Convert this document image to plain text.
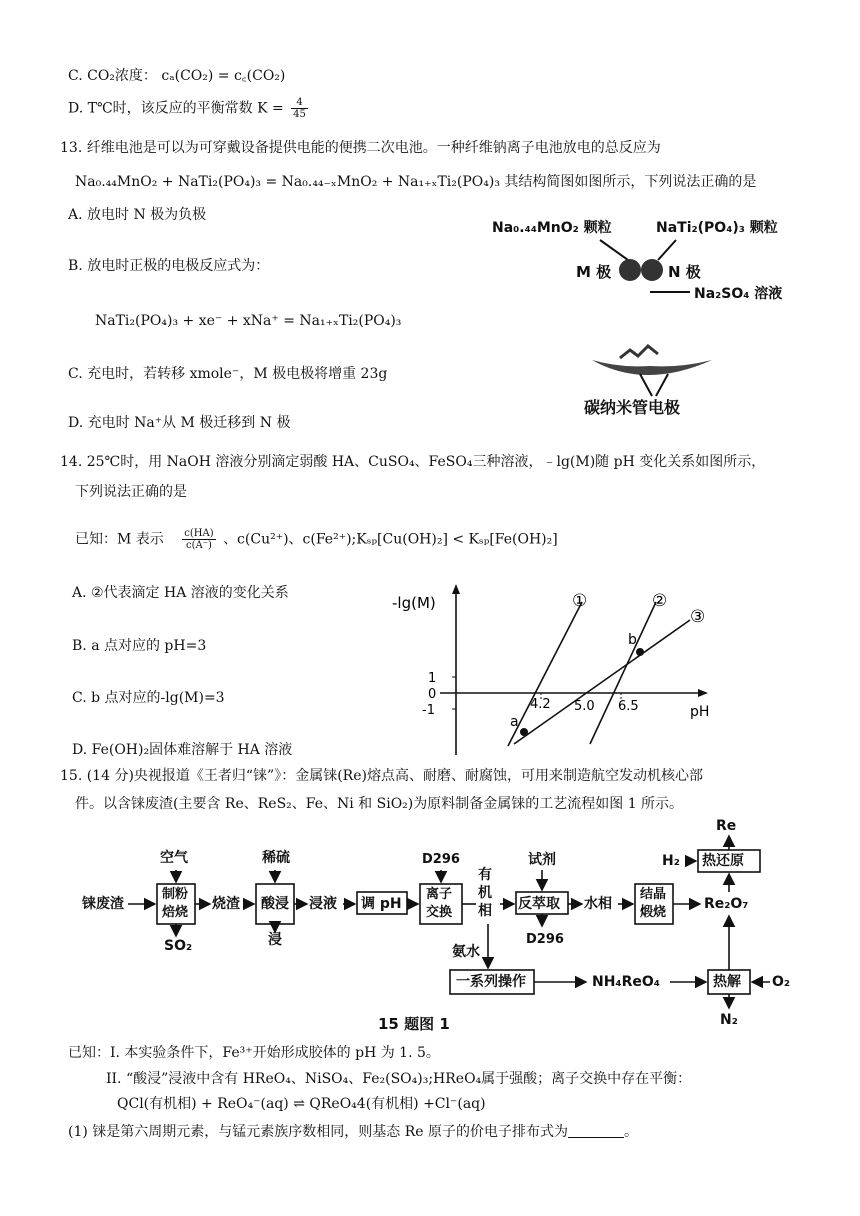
C. CO₂浓度： cₐ(CO₂) = c꜀(CO₂)
D. T℃时，该反应的平衡常数 $K = \frac{4}{45}$
13. 纤维电池是可以为可穿戴设备提供电能的便携二次电池。一种纤维钠离子电池放电的总反应为
Na₀.₄₄MnO₂ + NaTi₂(PO₄)₃ = Na₀.₄₄₋ₓMnO₂ + Na₁₊ₓTi₂(PO₄)₃ 其结构简图如图所示，下列说法正确的是
A. 放电时 N 极为负极
B. 放电时正极的电极反应式为：
NaTi₂(PO₄)₃ + xe⁻ + xNa⁺ = Na₁₊ₓTi₂(PO₄)₃
C. 充电时，若转移 xmole⁻，M 极电极将增重 23g
D. 充电时 Na⁺从 M 极迁移到 N 极
Na₀.₄₄MnO₂ 颗粒	NaTi₂(PO₄)₃ 颗粒
M 极	N 极
Na₂SO₄ 溶液
碳纳米管电极
14. 25℃时，用 NaOH 溶液分别滴定弱酸 HA、CuSO₄、FeSO₄三种溶液，﹣lg(M)随 pH 变化关系如图所示，
下列说法正确的是
已知：M 表示 $\frac{c(HA)}{c(A^-)}$ 、c(Cu²⁺)、c(Fe²⁺);Kₛₚ[Cu(OH)₂] < Kₛₚ[Fe(OH)₂]
A. ②代表滴定 HA 溶液的变化关系
B. a 点对应的 pH=3
C. b 点对应的-lg(M)=3
D. Fe(OH)₂固体难溶解于 HA 溶液
-lg(M)
pH
1
0
-1	4.2 5.0 6.5
①	②
③
a
b
15. (14 分)央视报道《王者归“铼”》：金属铼(Re)熔点高、耐磨、耐腐蚀，可用来制造航空发动机核心部
件。以含铼废渣(主要含 Re、ReS₂、Fe、Ni 和 SiO₂)为原料制备金属铼的工艺流程如图 1 所示。
铼废渣
空气
制粉
焙烧
SO₂
烧渣
稀硫
酸浸
浸
浸液 调 pH
D296
离子
交换
有机相
试剂
反萃取
D296
水相
结晶
煅烧
Re₂O₇
H₂ 热还原
Re
氨水
一系列操作	NH₄ReO₄	热解 O₂
N₂
15 题图 1
已知：I. 本实验条件下，Fe³⁺开始形成胶体的 pH 为 1. 5。
II. “酸浸”浸液中含有 HReO₄、NiSO₄、Fe₂(SO₄)₃;HReO₄属于强酸；离子交换中存在平衡：
QCl(有机相) + ReO₄⁻(aq) ⇌ QReO₄4(有机相) +Cl⁻(aq)
(1) 铼是第六周期元素，与锰元素族序数相同，则基态 Re 原子的价电子排布式为	。
